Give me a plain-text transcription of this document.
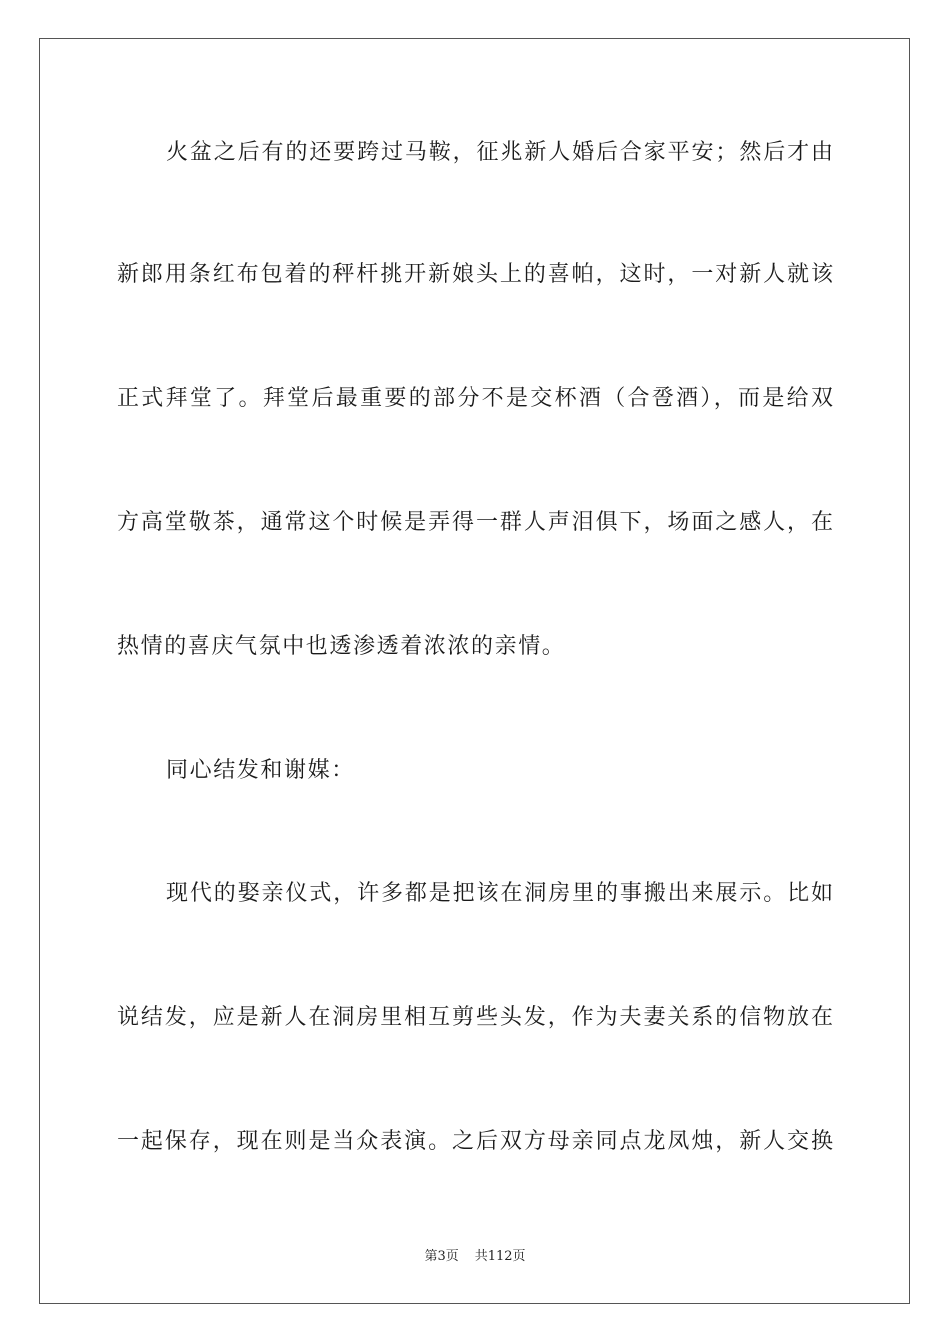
火盆之后有的还要跨过马鞍，征兆新人婚后合家平安；然后才由
新郎用条红布包着的秤杆挑开新娘头上的喜帕，这时，一对新人就该
正式拜堂了。拜堂后最重要的部分不是交杯酒（合卺酒），而是给双
方高堂敬茶，通常这个时候是弄得一群人声泪俱下，场面之感人，在
热情的喜庆气氛中也透渗透着浓浓的亲情。
同心结发和谢媒：
现代的娶亲仪式，许多都是把该在洞房里的事搬出来展示。比如
说结发，应是新人在洞房里相互剪些头发，作为夫妻关系的信物放在
一起保存，现在则是当众表演。之后双方母亲同点龙凤烛，新人交换
第3页 共112页
